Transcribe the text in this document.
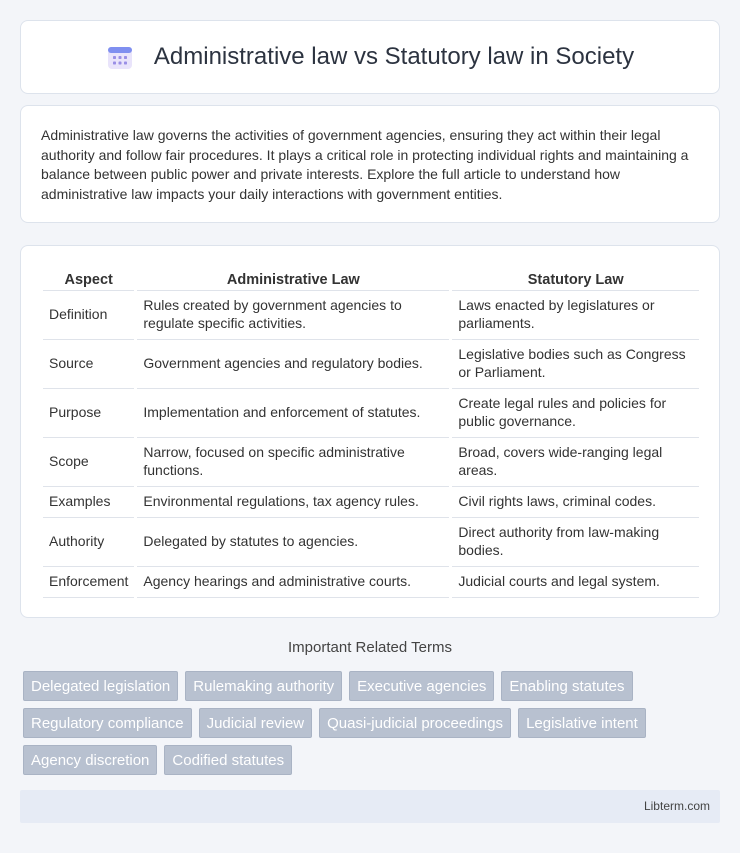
Administrative law vs Statutory law in Society

Administrative law governs the activities of government agencies, ensuring they act within their legal authority and follow fair procedures. It plays a critical role in protecting individual rights and maintaining a balance between public power and private interests. Explore the full article to understand how administrative law impacts your daily interactions with government entities.

Aspect	Administrative Law	Statutory Law
Definition	Rules created by government agencies to regulate specific activities.	Laws enacted by legislatures or parliaments.
Source	Government agencies and regulatory bodies.	Legislative bodies such as Congress or Parliament.
Purpose	Implementation and enforcement of statutes.	Create legal rules and policies for public governance.
Scope	Narrow, focused on specific administrative functions.	Broad, covers wide-ranging legal areas.
Examples	Environmental regulations, tax agency rules.	Civil rights laws, criminal codes.
Authority	Delegated by statutes to agencies.	Direct authority from law-making bodies.
Enforcement	Agency hearings and administrative courts.	Judicial courts and legal system.
Important Related Terms
Delegated legislation	Rulemaking authority	Executive agencies	Enabling statutes
Regulatory compliance	Judicial review	Quasi-judicial proceedings	Legislative intent
Agency discretion	Codified statutes
Libterm.com
